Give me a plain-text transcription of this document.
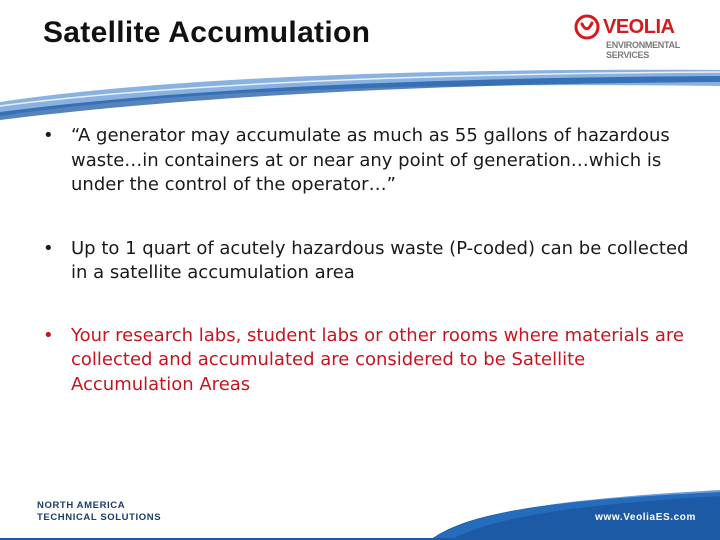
Satellite Accumulation	VEOLIA
ENVIRONMENTAL
SERVICES
• “A generator may accumulate as much as 55 gallons of hazardous waste…in containers at or near any point of generation…which is under the control of the operator…”
• Up to 1 quart of acutely hazardous waste (P-coded) can be collected in a satellite accumulation area
• Your research labs, student labs or other rooms where materials are collected and accumulated are considered to be Satellite Accumulation Areas
NORTH AMERICA
TECHNICAL SOLUTIONS	www.VeoliaES.com
